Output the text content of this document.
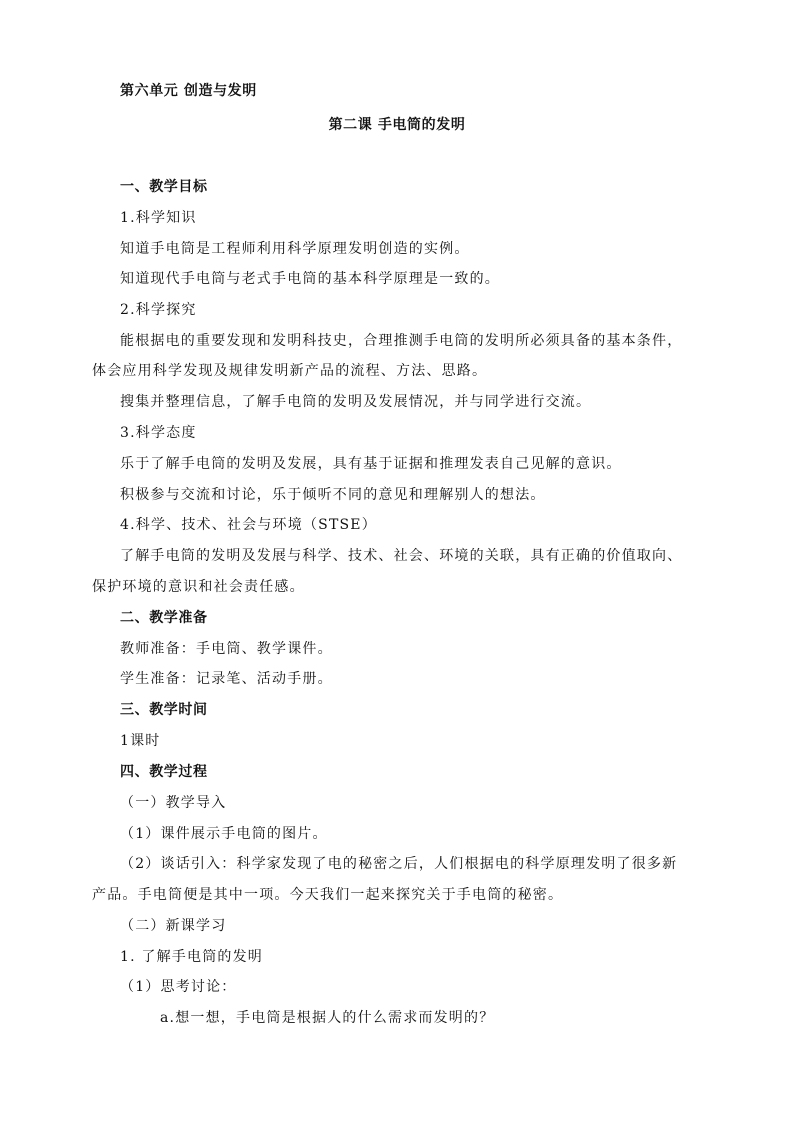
第六单元 创造与发明
第二课 手电筒的发明
一、教学目标
1.科学知识
知道手电筒是工程师利用科学原理发明创造的实例。
知道现代手电筒与老式手电筒的基本科学原理是一致的。
2.科学探究
能根据电的重要发现和发明科技史，合理推测手电筒的发明所必须具备的基本条件，
体会应用科学发现及规律发明新产品的流程、方法、思路。
搜集并整理信息，了解手电筒的发明及发展情况，并与同学进行交流。
3.科学态度
乐于了解手电筒的发明及发展，具有基于证据和推理发表自己见解的意识。
积极参与交流和讨论，乐于倾听不同的意见和理解别人的想法。
4.科学、技术、社会与环境（STSE）
了解手电筒的发明及发展与科学、技术、社会、环境的关联，具有正确的价值取向、
保护环境的意识和社会责任感。
二、教学准备
教师准备：手电筒、教学课件。
学生准备：记录笔、活动手册。
三、教学时间
1课时
四、教学过程
（一）教学导入
（1）课件展示手电筒的图片。
（2）谈话引入：科学家发现了电的秘密之后，人们根据电的科学原理发明了很多新
产品。手电筒便是其中一项。今天我们一起来探究关于手电筒的秘密。
（二）新课学习
1. 了解手电筒的发明
（1）思考讨论：
a.想一想，手电筒是根据人的什么需求而发明的？
